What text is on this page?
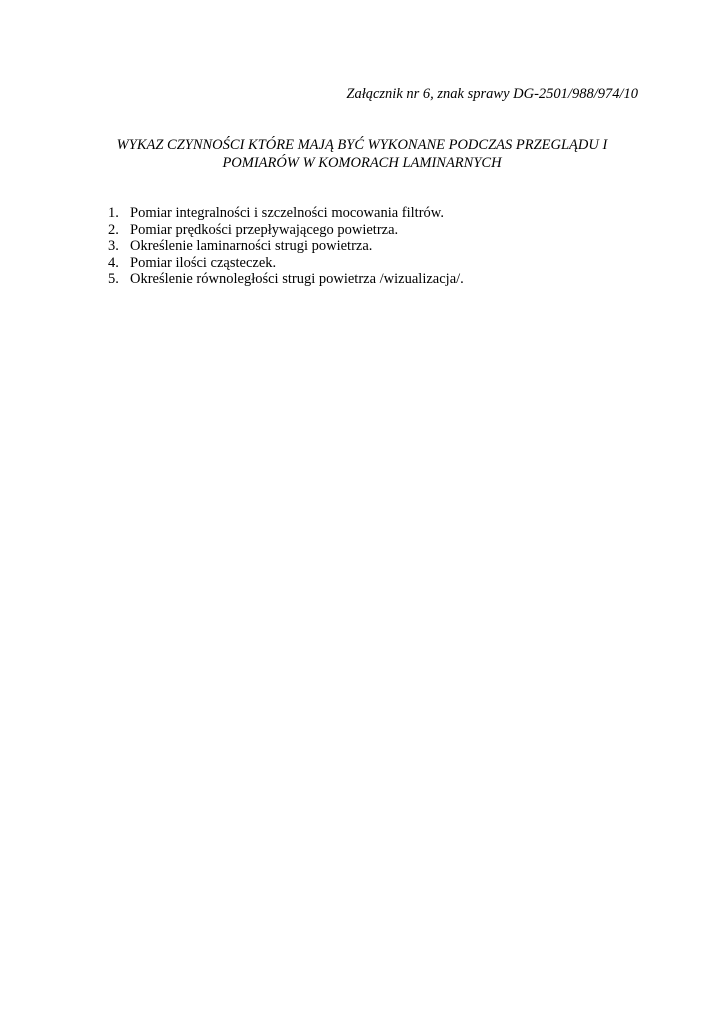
Załącznik nr 6, znak sprawy DG-2501/988/974/10
WYKAZ CZYNNOŚCI KTÓRE MAJĄ BYĆ WYKONANE PODCZAS PRZEGLĄDU I
POMIARÓW W KOMORACH LAMINARNYCH
1. Pomiar integralności i szczelności mocowania filtrów.
2. Pomiar prędkości przepływającego powietrza.
3. Określenie laminarności strugi powietrza.
4. Pomiar ilości cząsteczek.
5. Określenie równoległości strugi powietrza /wizualizacja/.
